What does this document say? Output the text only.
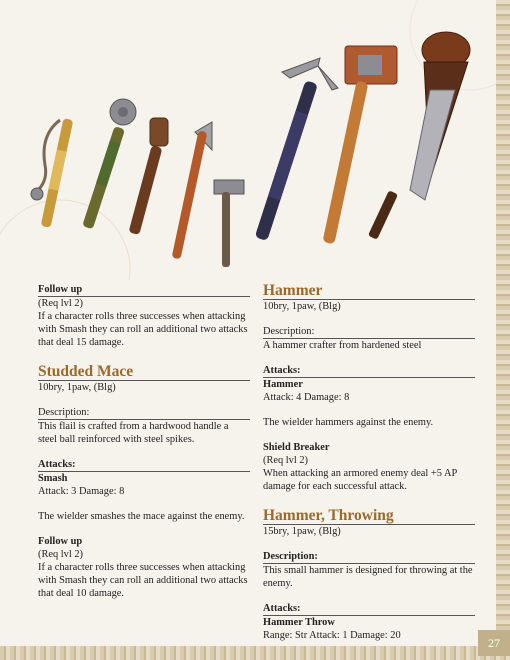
Follow up

(Req lvl 2)

If a character rolls three successes when attacking with Smash they can roll an additional two attacks that deal 15 damage.

Studded Mace

10bry, 1paw, (Blg)

Description:

This flail is crafted from a hardwood handle a steel ball reinforced with steel spikes.

Attacks:

Smash

Attack: 3 Damage: 8

The wielder smashes the mace against the enemy.

Follow up

(Req lvl 2)

If a character rolls three successes when attacking with Smash they can roll an additional two attacks that deal 10 damage.

Hammer

10bry, 1paw, (Blg)

Description:

A hammer crafter from hardened steel

Attacks:

Hammer

Attack: 4 Damage: 8

The wielder hammers against the enemy.

Shield Breaker

(Req lvl 2)

When attacking an armored enemy deal +5 AP damage for each successful attack.

Hammer, Throwing

15bry, 1paw, (Blg)

Description:

This small hammer is designed for throwing at the enemy.

Attacks:

Hammer Throw

Range: Str Attack: 1 Damage: 20	27
